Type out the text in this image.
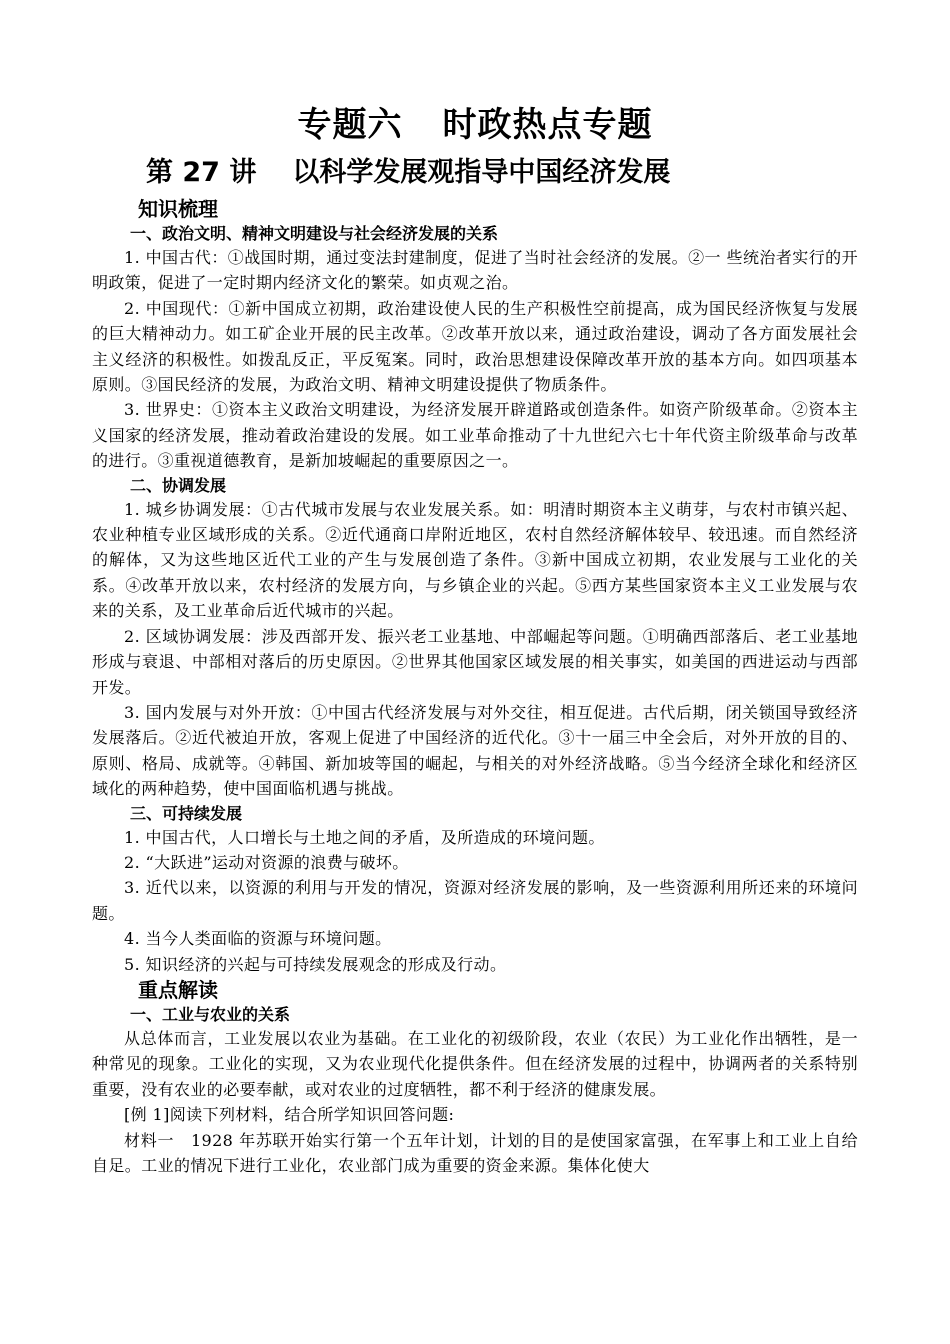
专题六 时政热点专题
第 27 讲 以科学发展观指导中国经济发展
知识梳理
一、政治文明、精神文明建设与社会经济发展的关系

1. 中国古代：①战国时期，通过变法封建制度，促进了当时社会经济的发展。②一 些统治者实行的开明政策，促进了一定时期内经济文化的繁荣。如贞观之治。

2. 中国现代：①新中国成立初期，政治建设使人民的生产积极性空前提高，成为国民经济恢复与发展的巨大精神动力。如工矿企业开展的民主改革。②改革开放以来，通过政治建设，调动了各方面发展社会主义经济的积极性。如拨乱反正，平反冤案。同时，政治思想建设保障改革开放的基本方向。如四项基本原则。③国民经济的发展，为政治文明、精神文明建设提供了物质条件。

3. 世界史：①资本主义政治文明建设，为经济发展开辟道路或创造条件。如资产阶级革命。②资本主义国家的经济发展，推动着政治建设的发展。如工业革命推动了十九世纪六七十年代资主阶级革命与改革的进行。③重视道德教育，是新加坡崛起的重要原因之一。

二、协调发展

1. 城乡协调发展：①古代城市发展与农业发展关系。如：明清时期资本主义萌芽，与农村市镇兴起、农业种植专业区域形成的关系。②近代通商口岸附近地区，农村自然经济解体较早、较迅速。而自然经济的解体，又为这些地区近代工业的产生与发展创造了条件。③新中国成立初期，农业发展与工业化的关系。④改革开放以来，农村经济的发展方向，与乡镇企业的兴起。⑤西方某些国家资本主义工业发展与农来的关系，及工业革命后近代城市的兴起。

2. 区域协调发展：涉及西部开发、振兴老工业基地、中部崛起等问题。①明确西部落后、老工业基地形成与衰退、中部相对落后的历史原因。②世界其他国家区域发展的相关事实，如美国的西进运动与西部开发。

3. 国内发展与对外开放：①中国古代经济发展与对外交往，相互促进。古代后期，闭关锁国导致经济发展落后。②近代被迫开放，客观上促进了中国经济的近代化。③十一届三中全会后，对外开放的目的、原则、格局、成就等。④韩国、新加坡等国的崛起，与相关的对外经济战略。⑤当今经济全球化和经济区域化的两种趋势，使中国面临机遇与挑战。

三、可持续发展

1. 中国古代，人口增长与土地之间的矛盾，及所造成的环境问题。

2. “大跃进”运动对资源的浪费与破坏。

3. 近代以来，以资源的利用与开发的情况，资源对经济发展的影响，及一些资源利用所还来的环境问题。

4. 当今人类面临的资源与环境问题。

5. 知识经济的兴起与可持续发展观念的形成及行动。

重点解读
一、工业与农业的关系

从总体而言，工业发展以农业为基础。在工业化的初级阶段，农业（农民）为工业化作出牺牲，是一种常见的现象。工业化的实现，又为农业现代化提供条件。但在经济发展的过程中，协调两者的关系特别重要，没有农业的必要奉献，或对农业的过度牺牲，都不利于经济的健康发展。

[例 1]阅读下列材料，结合所学知识回答问题:

材料一　1928 年苏联开始实行第一个五年计划，计划的目的是使国家富强，在军事上和工业上自给自足。工业的情况下进行工业化，农业部门成为重要的资金来源。集体化使大
